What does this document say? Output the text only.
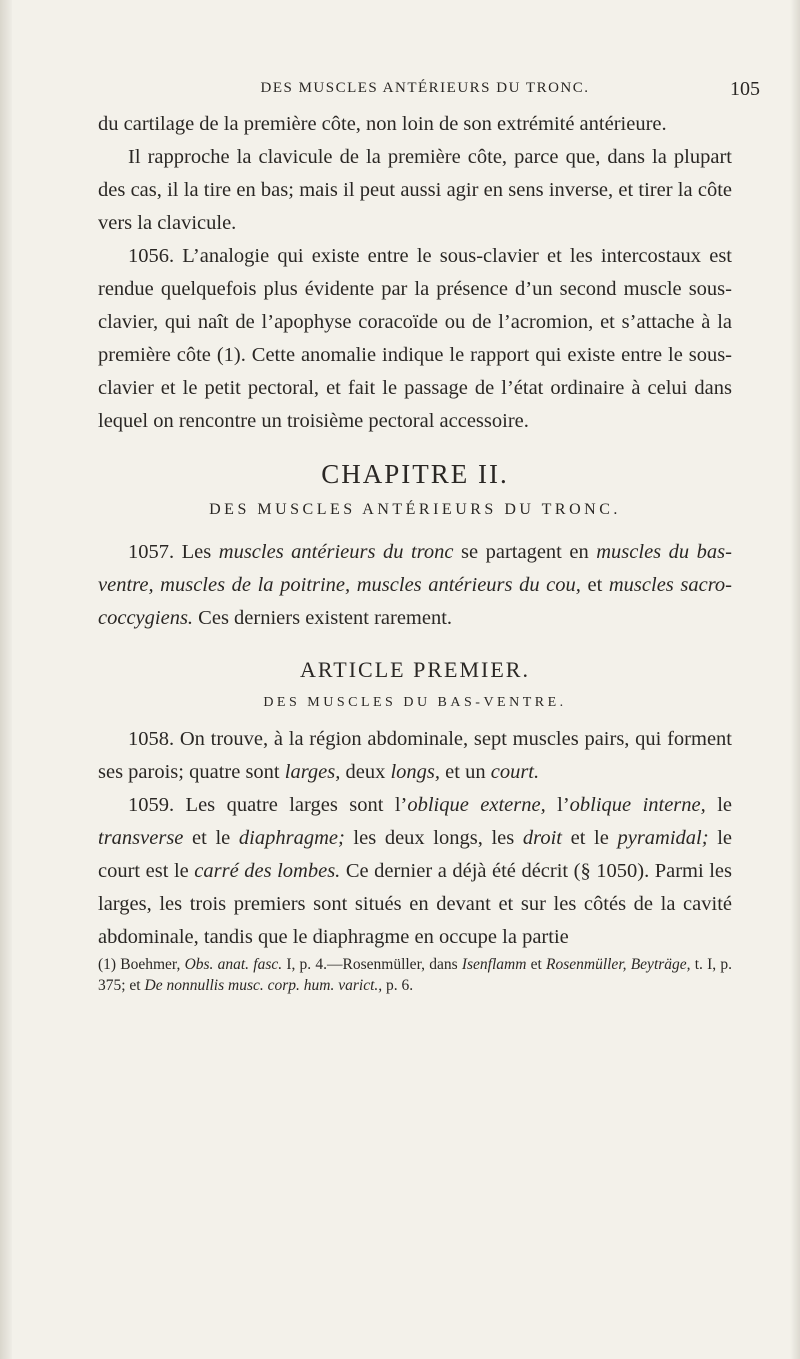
DES MUSCLES ANTÉRIEURS DU TRONC.	105

du cartilage de la première côte, non loin de son extrémité antérieure.

Il rapproche la clavicule de la première côte, parce que, dans la plupart des cas, il la tire en bas; mais il peut aussi agir en sens inverse, et tirer la côte vers la clavicule.

1056. L’analogie qui existe entre le sous-clavier et les intercostaux est rendue quelquefois plus évidente par la présence d’un second muscle sous-clavier, qui naît de l’apophyse coracoïde ou de l’acromion, et s’attache à la première côte (1). Cette anomalie indique le rapport qui existe entre le sous-clavier et le petit pectoral, et fait le passage de l’état ordinaire à celui dans lequel on rencontre un troisième pectoral accessoire.

CHAPITRE II.
DES MUSCLES ANTÉRIEURS DU TRONC.

1057. Les muscles antérieurs du tronc se partagent en muscles du bas-ventre, muscles de la poitrine, muscles antérieurs du cou, et muscles sacro-coccygiens. Ces derniers existent rarement.

ARTICLE PREMIER.
DES MUSCLES DU BAS-VENTRE.

1058. On trouve, à la région abdominale, sept muscles pairs, qui forment ses parois; quatre sont larges, deux longs, et un court.

1059. Les quatre larges sont l’oblique externe, l’oblique interne, le transverse et le diaphragme; les deux longs, les droit et le pyramidal; le court est le carré des lombes. Ce dernier a déjà été décrit (§ 1050). Parmi les larges, les trois premiers sont situés en devant et sur les côtés de la cavité abdominale, tandis que le diaphragme en occupe la partie

(1) Boehmer, Obs. anat. fasc. I, p. 4.—Rosenmüller, dans Isenflamm et Rosenmüller, Beyträge, t. I, p. 375; et De nonnullis musc. corp. hum. varict., p. 6.
